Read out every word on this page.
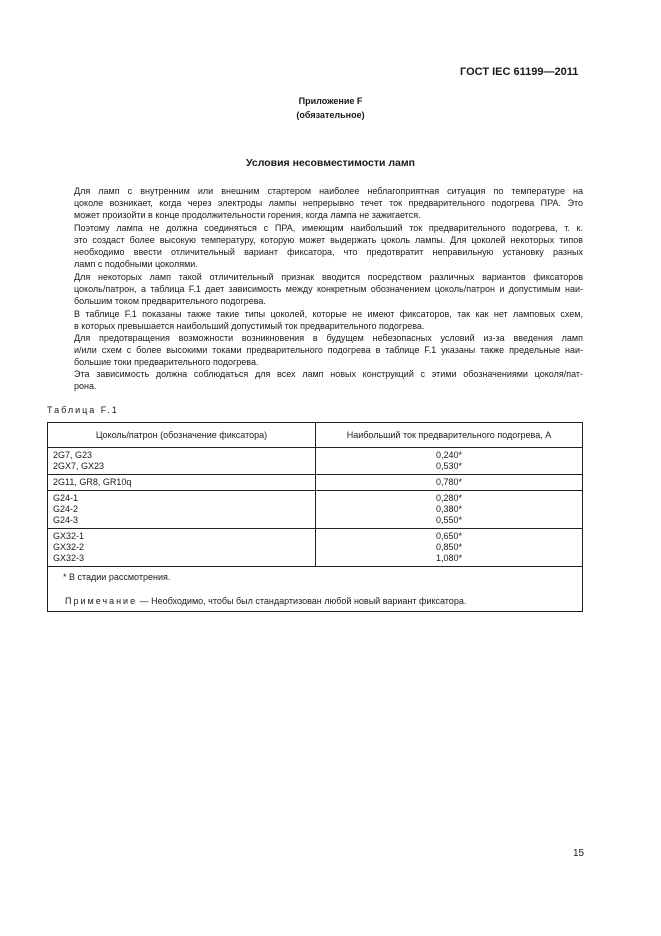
ГОСТ IEC 61199—2011
Приложение F
(обязательное)
Условия несовместимости ламп
Для ламп с внутренним или внешним стартером наиболее неблагоприятная ситуация по температуре на
цоколе возникает, когда через электроды лампы непрерывно течет ток предварительного подогрева ПРА. Это
может произойти в конце продолжительности горения, когда лампа не зажигается.
Поэтому лампа не должна соединяться с ПРА, имеющим наибольший ток предварительного подогрева, т. к.
это создаст более высокую температуру, которую может выдержать цоколь лампы. Для цоколей некоторых типов
необходимо ввести отличительный вариант фиксатора, что предотвратит неправильную установку разных
ламп с подобными цоколями.
Для некоторых ламп такой отличительный признак вводится посредством различных вариантов фиксаторов
цоколь/патрон, а таблица F.1 дает зависимость между конкретным обозначением цоколь/патрон и допустимым наи-
большим током предварительного подогрева.
В таблице F.1 показаны также такие типы цоколей, которые не имеют фиксаторов, так как нет ламповых схем,
в которых превышается наибольший допустимый ток предварительного подогрева.
Для предотвращения возможности возникновения в будущем небезопасных условий из-за введения ламп
и/или схем с более высокими токами предварительного подогрева в таблице F.1 указаны также предельные наи-
большие токи предварительного подогрева.
Эта зависимость должна соблюдаться для всех ламп новых конструкций с этими обозначениями цоколя/пат-
рона.
Таблица F.1
Цоколь/патрон (обозначение фиксатора)	Наибольший ток предварительного подогрева, А
2G7, G23
2GX7, GX23	0,240*
0,530*
2G11, GR8, GR10q	0,780*
G24-1
G24-2
G24-3	0,280*
0,380*
0,550*
GX32-1
GX32-2
GX32-3	0,650*
0,850*
1,080*

* В стадии рассмотрения.
Примечание — Необходимо, чтобы был стандартизован любой новый вариант фиксатора.	
15
